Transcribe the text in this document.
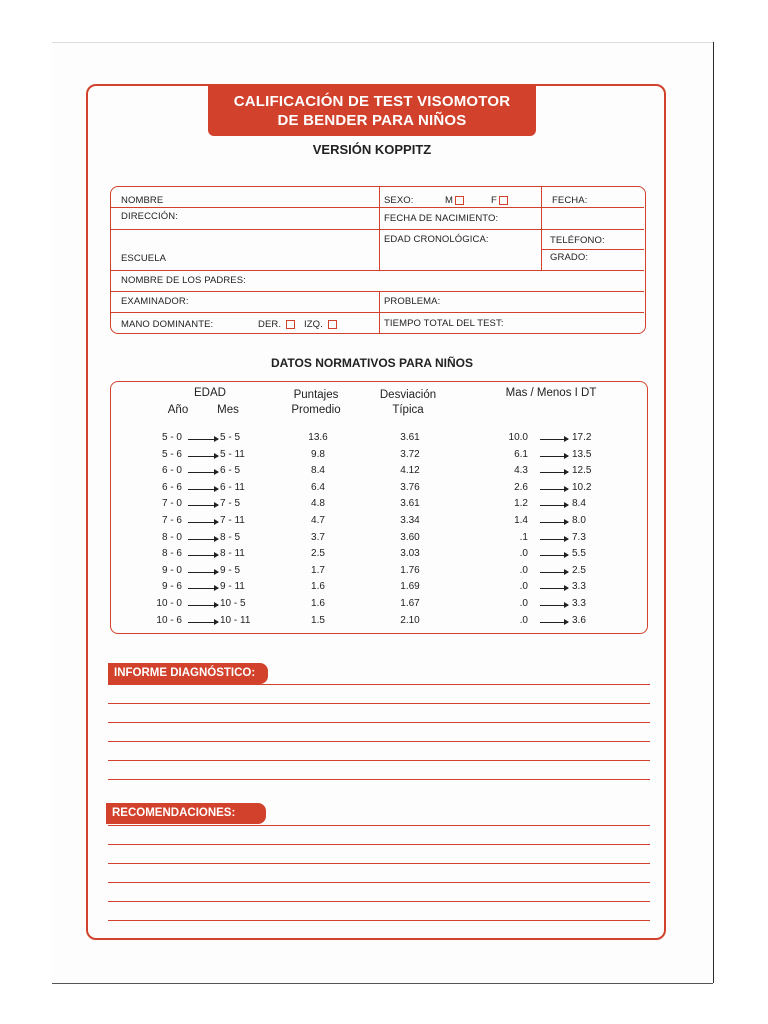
CALIFICACIÓN DE TEST VISOMOTOR
DE BENDER PARA NIÑOS
VERSIÓN KOPPITZ
NOMBRE	SEXO:	M	F	FECHA:
DIRECCIÓN:	FECHA DE NACIMIENTO:
EDAD CRONOLÓGICA:	TELÉFONO:
ESCUELA	GRADO:
NOMBRE DE LOS PADRES:
EXAMINADOR:	PROBLEMA:
MANO DOMINANTE:	DER.	IZQ.	TIEMPO TOTAL DEL TEST:
DATOS NORMATIVOS PARA NIÑOS
EDAD
Año	Mes
Puntajes
Promedio
Desviación
Típica
Mas / Menos I DT
5 - 0	5 - 5	13.6	3.61	10.0	17.2
5 - 6	5 - 11	9.8	3.72	6.1	13.5
6 - 0	6 - 5	8.4	4.12	4.3	12.5
6 - 6	6 - 11	6.4	3.76	2.6	10.2
7 - 0	7 - 5	4.8	3.61	1.2	8.4
7 - 6	7 - 11	4.7	3.34	1.4	8.0
8 - 0	8 - 5	3.7	3.60	.1	7.3
8 - 6	8 - 11	2.5	3.03	.0	5.5
9 - 0	9 - 5	1.7	1.76	.0	2.5
9 - 6	9 - 11	1.6	1.69	.0	3.3
10 - 0	10 - 5	1.6	1.67	.0	3.3
10 - 6	10 - 11	1.5	2.10	.0	3.6
INFORME DIAGNÓSTICO:
RECOMENDACIONES:
